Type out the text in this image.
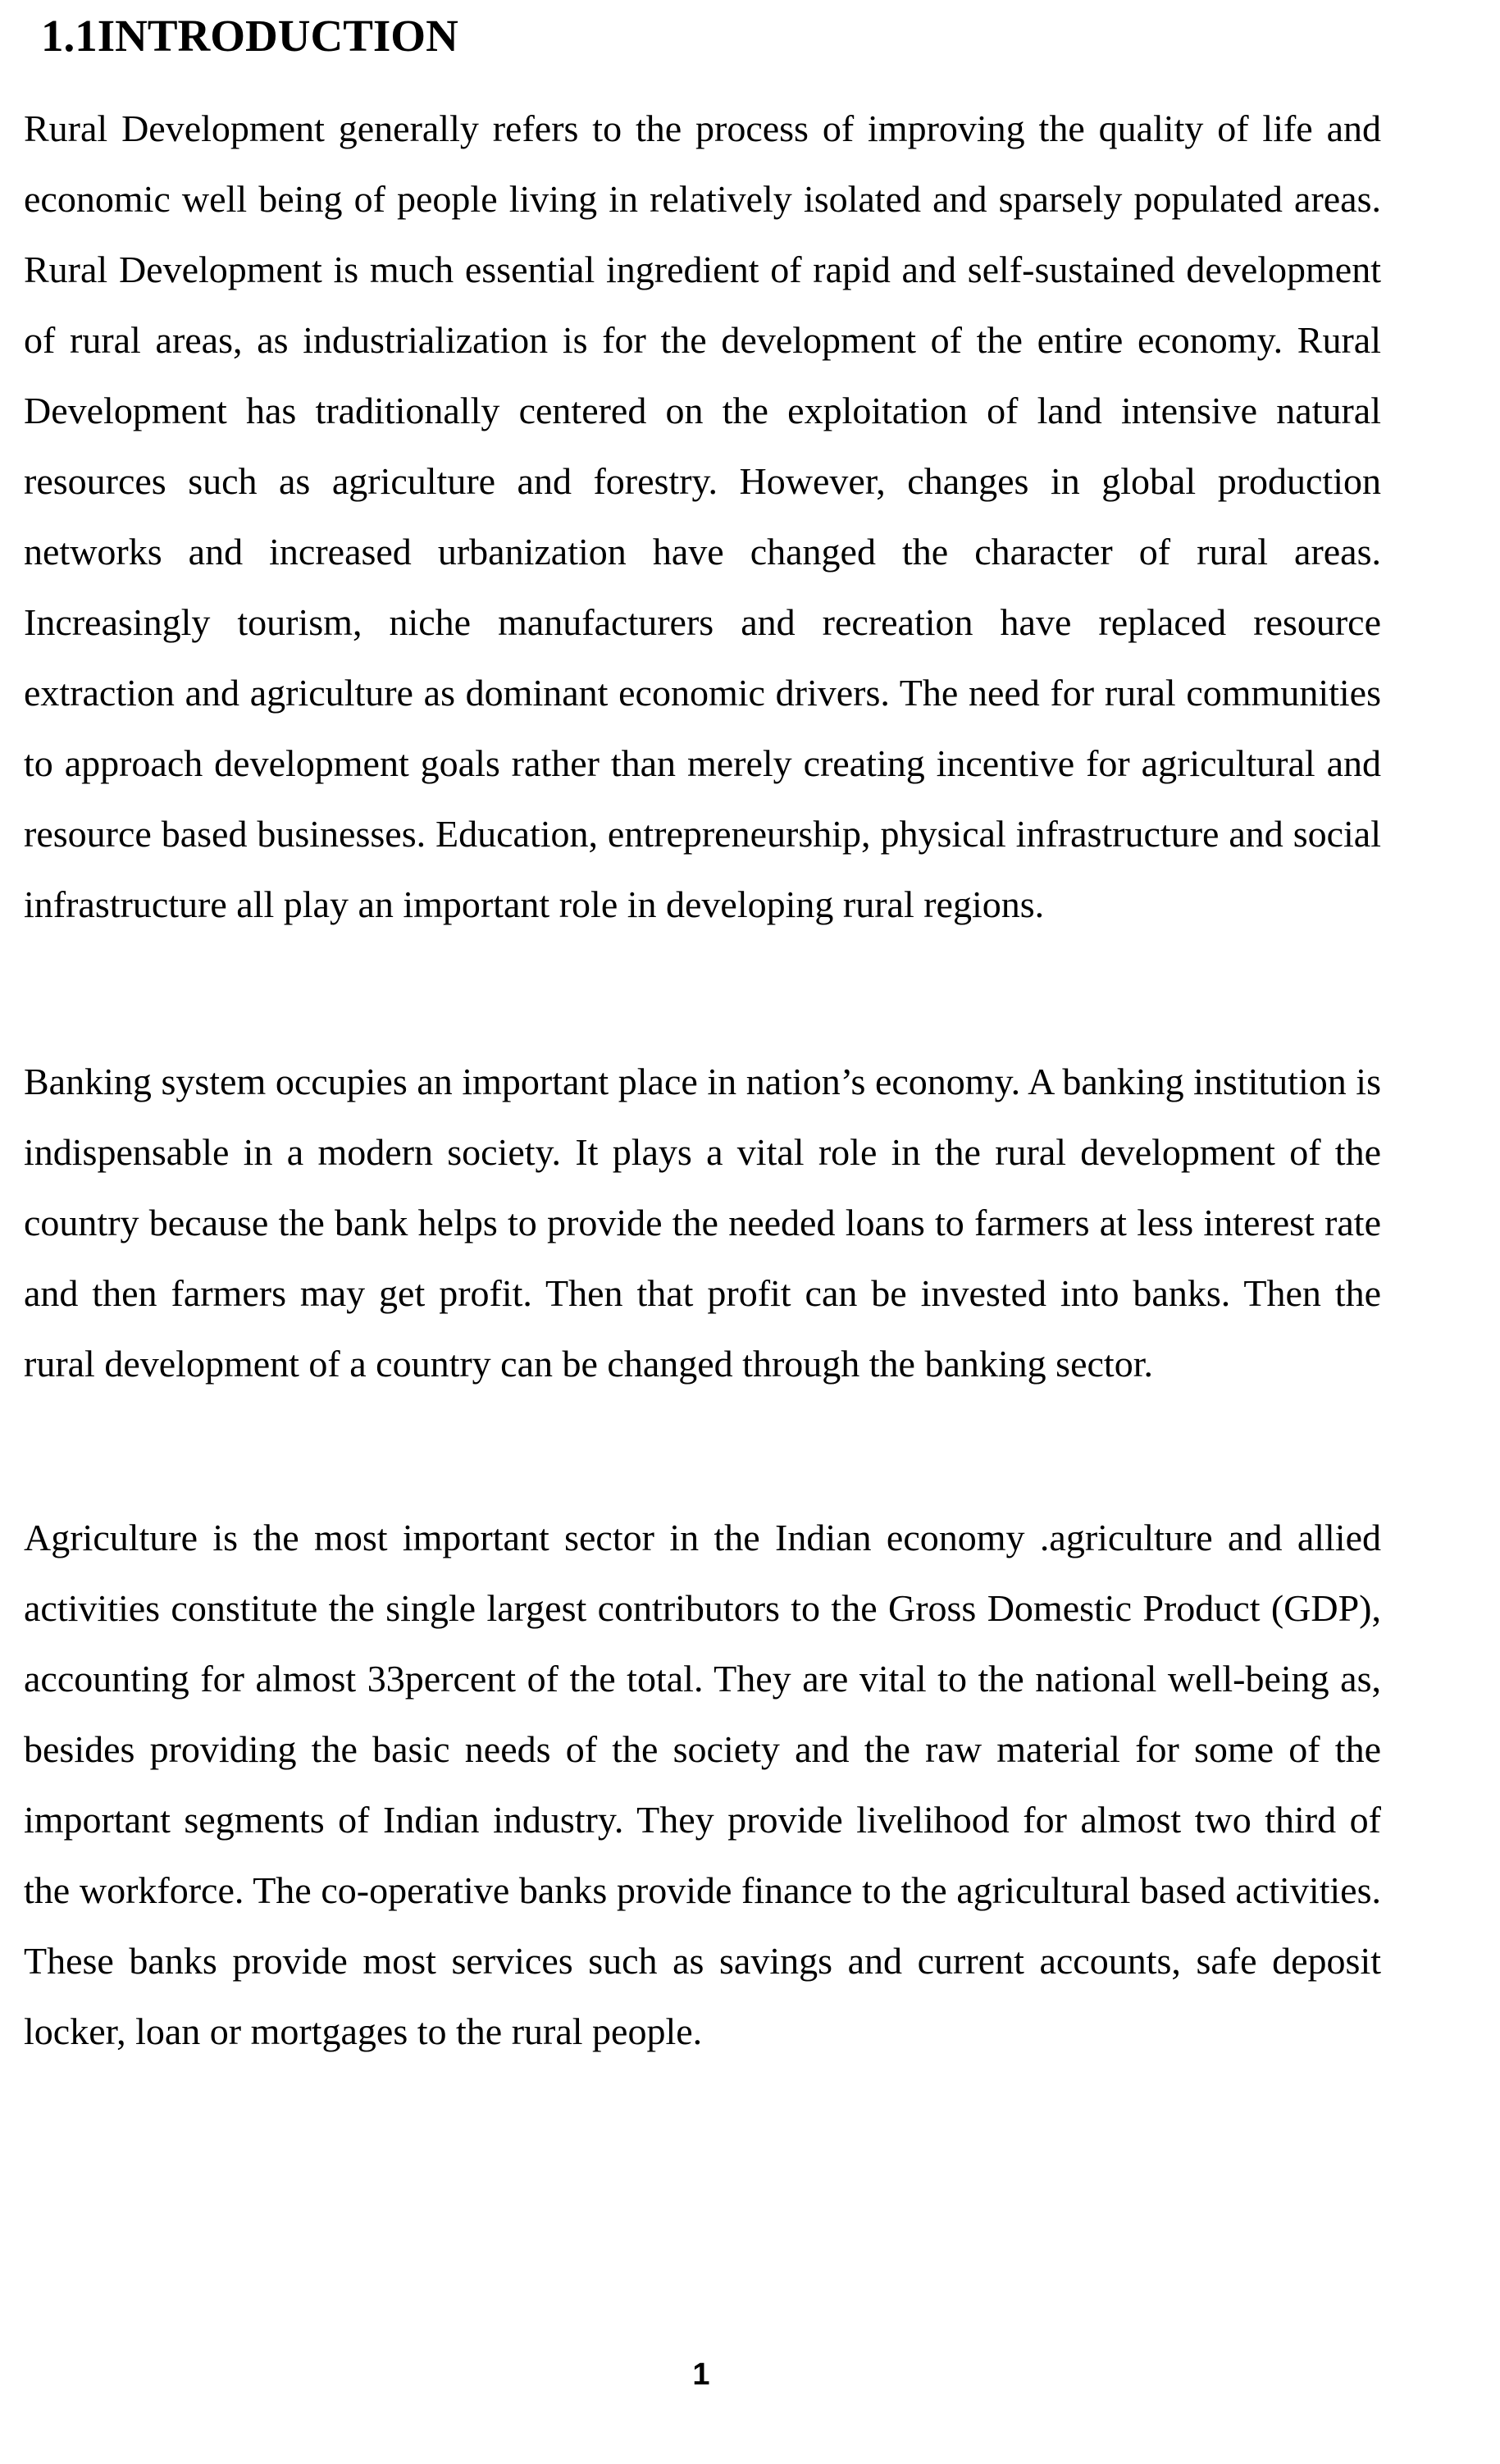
1.1INTRODUCTION

Rural Development generally refers to the process of improving the quality of life and economic well being of people living in relatively isolated and sparsely populated areas. Rural Development is much essential ingredient of rapid and self-sustained development of rural areas, as industrialization is for the development of the entire economy. Rural Development has traditionally centered on the exploitation of land intensive natural resources such as agriculture and forestry. However, changes in global production networks and increased urbanization have changed the character of rural areas. Increasingly tourism, niche manufacturers and recreation have replaced resource extraction and agriculture as dominant economic drivers. The need for rural communities to approach development goals rather than merely creating incentive for agricultural and resource based businesses. Education, entrepreneurship, physical infrastructure and social infrastructure all play an important role in developing rural regions.

Banking system occupies an important place in nation’s economy. A banking institution is indispensable in a modern society. It plays a vital role in the rural development of the country because the bank helps to provide the needed loans to farmers at less interest rate and then farmers may get profit. Then that profit can be invested into banks. Then the rural development of a country can be changed through the banking sector.

Agriculture is the most important sector in the Indian economy .agriculture and allied activities constitute the single largest contributors to the Gross Domestic Product (GDP), accounting for almost 33percent of the total. They are vital to the national well-being as, besides providing the basic needs of the society and the raw material for some of the important segments of Indian industry. They provide livelihood for almost two third of the workforce. The co-operative banks provide finance to the agricultural based activities. These banks provide most services such as savings and current accounts, safe deposit locker, loan or mortgages to the rural people.

1
